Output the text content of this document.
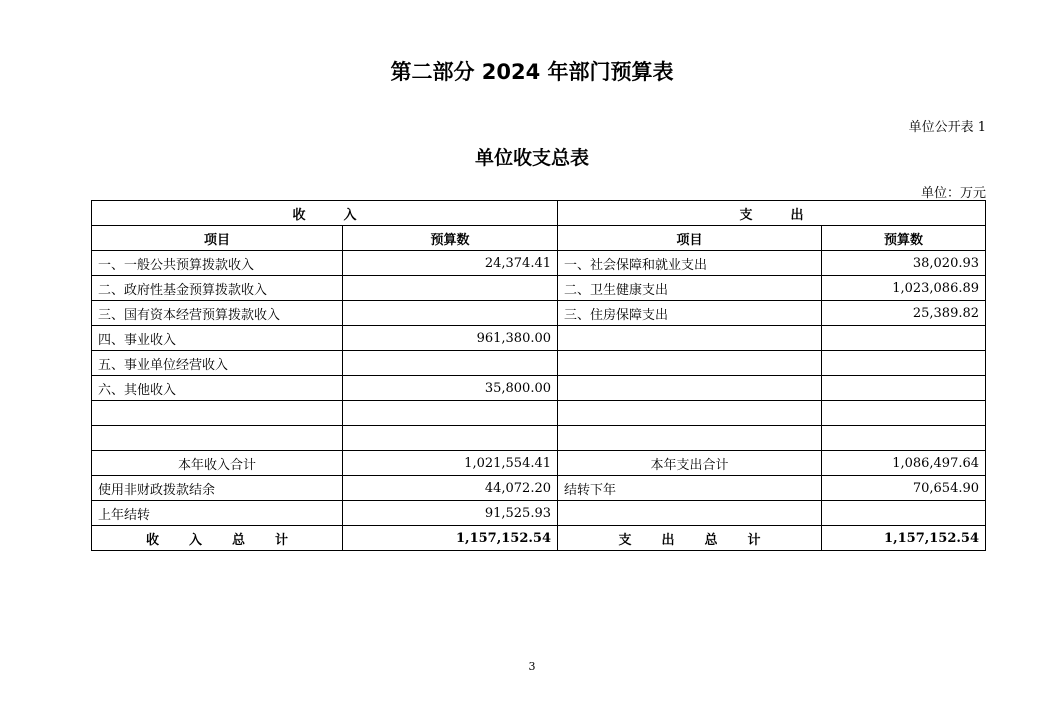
第二部分 2024 年部门预算表
单位公开表 1
单位收支总表
单位：万元
收入		支出	
项目	预算数	项目	预算数
一、一般公共预算拨款收入	24,374.41	一、社会保障和就业支出	38,020.93
二、政府性基金预算拨款收入		二、卫生健康支出	1,023,086.89
三、国有资本经营预算拨款收入		三、住房保障支出	25,389.82
四、事业收入	961,380.00		
五、事业单位经营收入			
六、其他收入	35,800.00		

本年收入合计	1,021,554.41	本年支出合计	1,086,497.64
使用非财政拨款结余	44,072.20	结转下年	70,654.90
上年结转	91,525.93		
收入总计	1,157,152.54	支出总计	1,157,152.54
3
